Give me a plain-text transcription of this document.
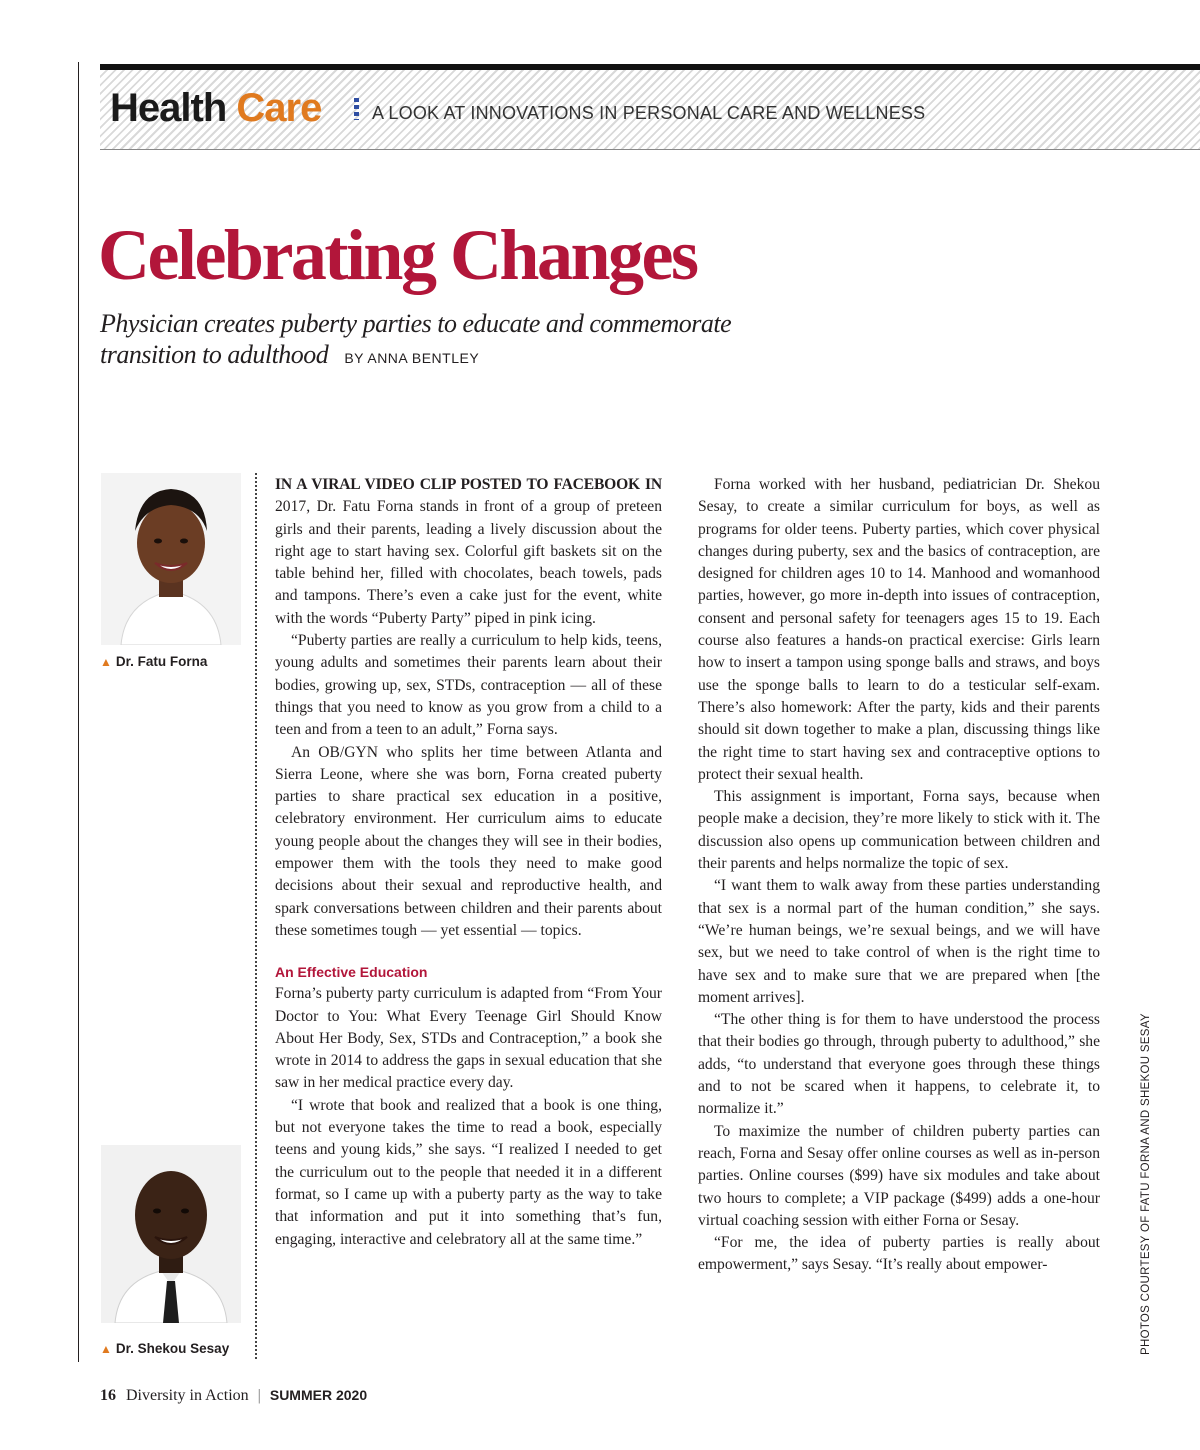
Health Care	A LOOK AT INNOVATIONS IN PERSONAL CARE AND WELLNESS
Celebrating Changes
Physician creates puberty parties to educate and commemorate transition to adulthood BY ANNA BENTLEY
▲ Dr. Fatu Forna
▲ Dr. Shekou Sesay

IN A VIRAL VIDEO CLIP POSTED TO FACEBOOK IN 2017, Dr. Fatu Forna stands in front of a group of preteen girls and their parents, leading a lively discussion about the right age to start having sex. Colorful gift baskets sit on the table behind her, filled with chocolates, beach towels, pads and tampons. There’s even a cake just for the event, white with the words “Puberty Party” piped in pink icing.

“Puberty parties are really a curriculum to help kids, teens, young adults and sometimes their parents learn about their bodies, growing up, sex, STDs, contraception — all of these things that you need to know as you grow from a child to a teen and from a teen to an adult,” Forna says.

An OB/GYN who splits her time between Atlanta and Sierra Leone, where she was born, Forna created puberty parties to share practical sex education in a positive, celebratory environment. Her curriculum aims to educate young people about the changes they will see in their bodies, empower them with the tools they need to make good decisions about their sexual and reproductive health, and spark conversations between children and their parents about these sometimes tough — yet essential — topics.

An Effective Education

Forna’s puberty party curriculum is adapted from “From Your Doctor to You: What Every Teenage Girl Should Know About Her Body, Sex, STDs and Contraception,” a book she wrote in 2014 to address the gaps in sexual education that she saw in her medical practice every day.

“I wrote that book and realized that a book is one thing, but not everyone takes the time to read a book, especially teens and young kids,” she says. “I realized I needed to get the curriculum out to the people that needed it in a different format, so I came up with a puberty party as the way to take that information and put it into something that’s fun, engaging, interactive and celebratory all at the same time.”

Forna worked with her husband, pediatrician Dr. Shekou Sesay, to create a similar curriculum for boys, as well as programs for older teens. Puberty parties, which cover physical changes during puberty, sex and the basics of contraception, are designed for children ages 10 to 14. Manhood and womanhood parties, however, go more in-depth into issues of contraception, consent and personal safety for teenagers ages 15 to 19. Each course also features a hands-on practical exercise: Girls learn how to insert a tampon using sponge balls and straws, and boys use the sponge balls to learn to do a testicular self-exam. There’s also homework: After the party, kids and their parents should sit down together to make a plan, discussing things like the right time to start having sex and contraceptive options to protect their sexual health.

This assignment is important, Forna says, because when people make a decision, they’re more likely to stick with it. The discussion also opens up communication between children and their parents and helps normalize the topic of sex.

“I want them to walk away from these parties understanding that sex is a normal part of the human condition,” she says. “We’re human beings, we’re sexual beings, and we will have sex, but we need to take control of when is the right time to have sex and to make sure that we are prepared when [the moment arrives].

“The other thing is for them to have understood the process that their bodies go through, through puberty to adulthood,” she adds, “to understand that everyone goes through these things and to not be scared when it happens, to celebrate it, to normalize it.”

To maximize the number of children puberty parties can reach, Forna and Sesay offer online courses as well as in-person parties. Online courses ($99) have six modules and take about two hours to complete; a VIP package ($499) adds a one-hour virtual coaching session with either Forna or Sesay.

“For me, the idea of puberty parties is really about empowerment,” says Sesay. “It’s really about empower-	PHOTOS COURTESY OF FATU FORNA AND SHEKOU SESAY
16 Diversity in Action | SUMMER 2020
